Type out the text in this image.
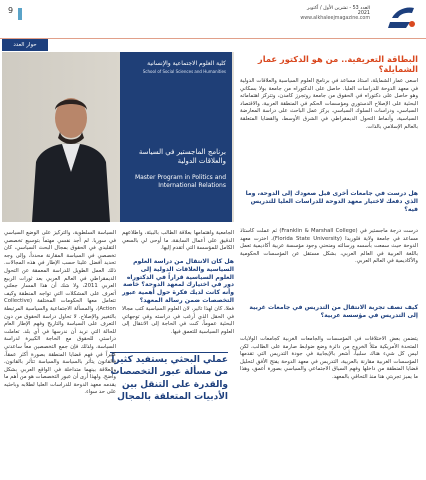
9	العدد 53 - تشرين الأول / أكتوبر 2021
www.alkhaleejmagazine.com
حوار العدد
كلية العلوم الاجتماعية والإنسانية
School of Social Sciences and Humanities
برنامج الماجستير في السياسة والعلاقات الدولية
Master Program in Politics and International Relations
البطاقة التعريفية.. من هو الدكتور عمار الشمايلة؟
أسعى عمار الشمايلة، أستاذ مساعد في برنامج العلوم السياسية والعلاقات الدولية في معهد الدوحة للدراسات العليا. حاصل على الدكتوراه من جامعة بولا بسكاني وهو حاصل على دكتوراه في الحقوق من جامعة روتجرز كامدن، وتتركز اهتماماته البحثية على الإصلاح الدستوري ومؤسسات الحكم في المنطقة العربية، والاقتصاد السياسي، ودراسات السلوك السياسي. يركز عمل الباحث على دراسة المعارضة السياسية، وأنماط التحول الديمقراطي في الشرق الأوسط، والقضايا المتعلقة بالعالم الإسلامي بالذات.
هل درست في جامعات أخرى قبل صعودك إلى الدوحة، وما الذي دفعك لاختيار معهد الدوحة للدراسات العليا للتدريس فيه؟
درست درجة ماجستير في (Franklin & Marshall College) ثم عملت كأستاذ مساعد في جامعة ولاية فلوريدا (Florida State University)، اخترت معهد الدوحة حيث سمعت بأسسه ورسالته ومنحني وجود مؤسسة عربية أكاديمية تعمل باللغة العربية في العالم العربي، بشكل مستقل عن المؤسسات الحكومية والأكاديمية في العالم العربي.
كيف تصف تجربة الانتقال من التدريس في جامعات غربية إلى التدريس في مؤسسة عربية؟
يتضمن بعض الاختلافات في المؤسسات والجامعات الغربية كجامعات الولايات المتحدة الأمريكية مثلاً الخروج من دائرة وضع ضوابط صارمة على الطالب، لكن ليس كل شيء هناك سلبياً، أشعر بالإيجابية في جودة التدريس التي تقدمها المؤسسات الغربية مقارنة بالعربية، التدريس في معهد الدوحة يفتح الأفق لتحليل قضايا المنطقة من داخلها وفهم السياق الاجتماعي والسياسي بصورة أعمق، وهذا ما يميز تجربتي هنا منذ التحاقي بالمعهد.
الجامعية واهتمامها بعلاقة الطالب بالبيئة، واطلاعهم الدقيق على أعمال السابقة، ما أوحى لي بالسعي الكامل للمؤسسة التي أتقدم إليها.
هل كان الانتقال من دراسة العلوم السياسية والعلاقات الدولية إلى العلوم السياسية قراراً في الدكتوراه دور في اختيارك لمعهد الدوحة؟ خاصة وأنه كانت لديك فكرة حول أهمية عبور التخصصات ضمن رسالة المعهد؟
فعلاً، كان لهذا تأثير، لأن العلوم السياسية كتب مجالاً في الحقل الذي أرغب في دراسته وفي توجهاتي البحثية عموماً، كنت في الحاجة إلى الانتقال إلى العلوم السياسية للتعمق فيها.
عملي البحثي يستفيد كثيراً من مسألة عبور التخصصات والقدرة على التنقل بين الأدبيات المتعلقة بالمجال
السياسة السلطوية، والتركيز على الوضع السياسي في سوريا. لم أجد نفسي مهتماً بتوسيع تخصصي التقليدي في الحقوق بمجال البحث السياسي، كان تخصصي في السياسة المقارنة محدداً، وإلى وجه تحديد أفضل علينا حسب الإطار في هذه المجالات. ذلك العمل الطويل للدراسة المعمقة عن التحول الديمقراطي في العالم العربي بعد ثورات الربيع العربي 2011، ولا شك أن هذا المسار جعلني أتعرف على المشكلات التي تواجه المنطقة وكيف تتعامل معها الحكومات المختلفة (Collective Action)، والمسألة الاجتماعية والسياسية المرتبطة بالتغيير والإصلاح. لا تحاول دراسة الحقوق من دون التعرف على السياسة والتاريخ وفهم الإطار العام للحالة التي نريد أن ندرسها في أي بلد. تعاملت دراستي للحقوق مع الحاجة الكبيرة لدراسة السياسة، ولذلك فإن جمع التخصصين معاً ساعدني كثيراً في فهم قضايا المنطقة بصورة أكثر عمقاً، فالقانون يتأثر بالسياسة والسياسة تتأثر بالقانون، والعلاقة بينهما متداخلة في الواقع العربي بشكل واضح. ولهذا أرى أن عبور التخصصات هو من أهم ما يقدمه معهد الدوحة للدراسات العليا لطلابه وباحثيه على حد سواء.
